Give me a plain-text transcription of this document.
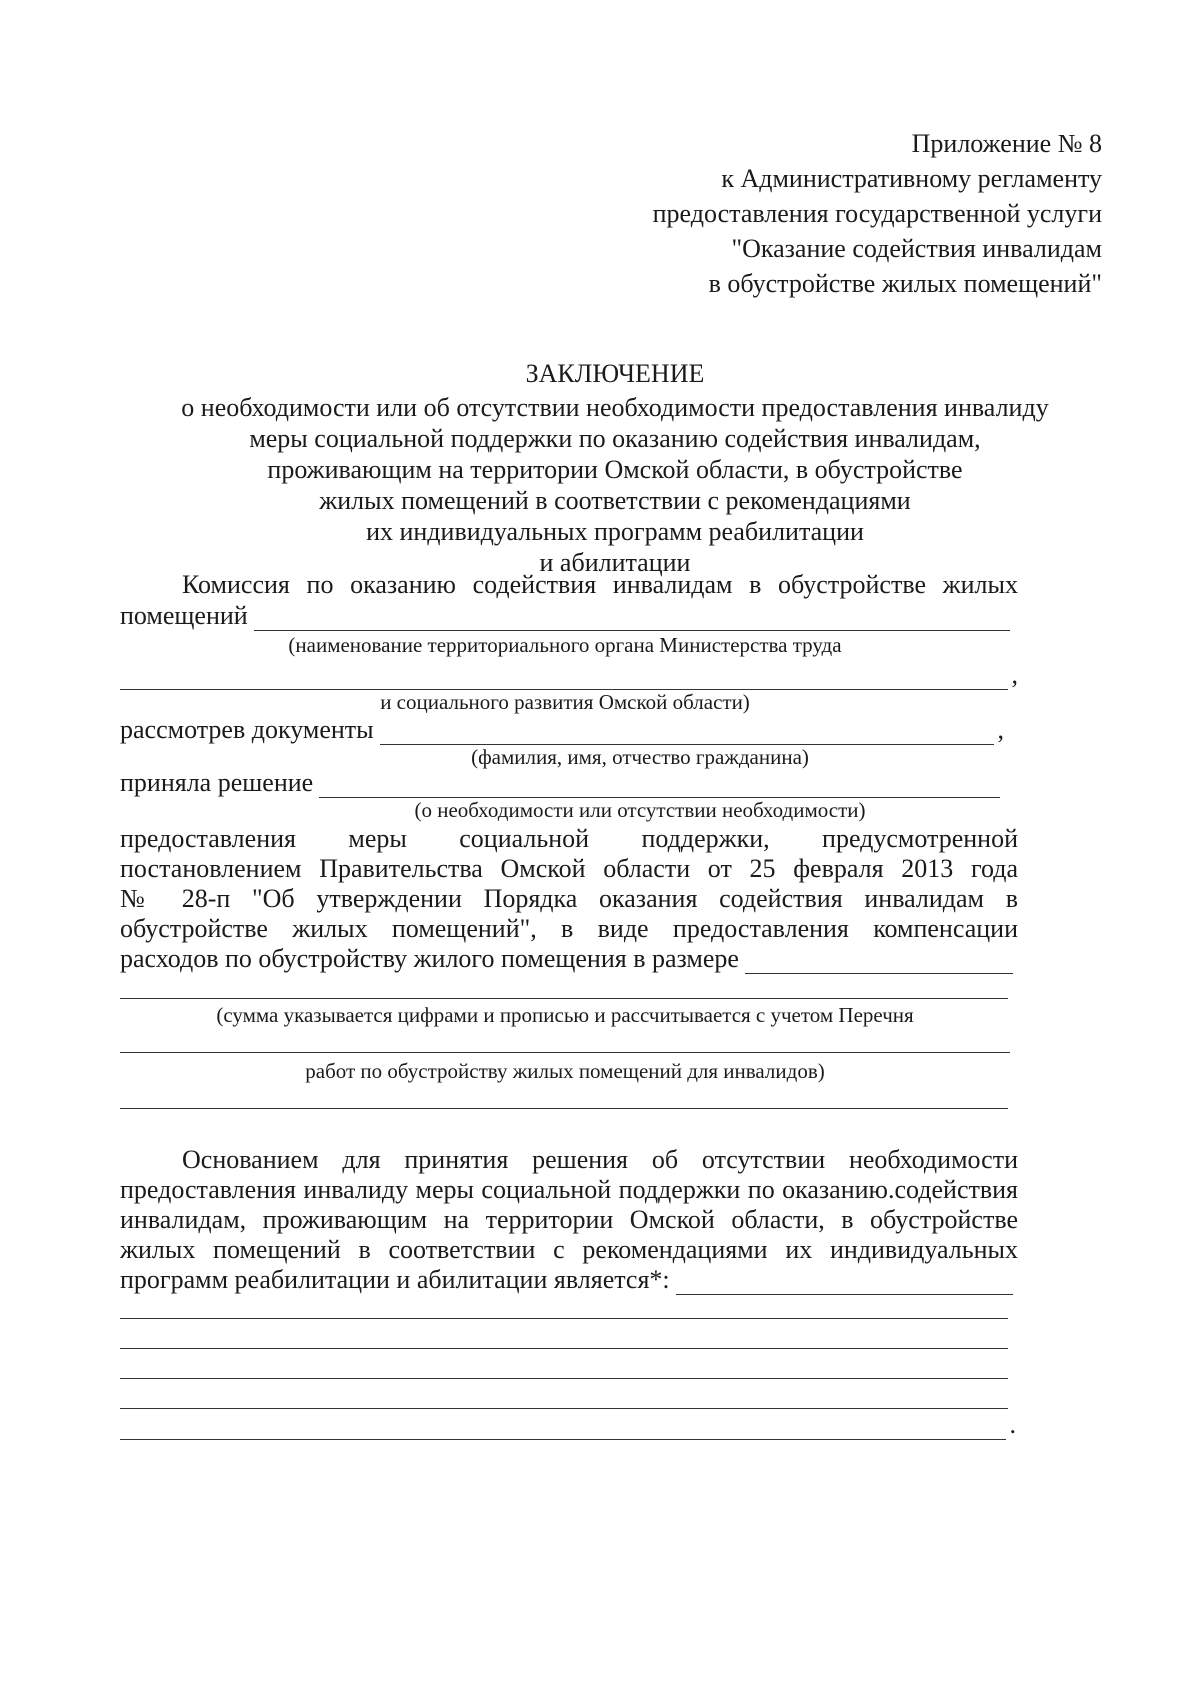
Приложение № 8
к Административному регламенту
предоставления государственной услуги
"Оказание содействия инвалидам
в обустройстве жилых помещений"
ЗАКЛЮЧЕНИЕ
о необходимости или об отсутствии необходимости предоставления инвалиду
меры социальной поддержки по оказанию содействия инвалидам,
проживающим на территории Омской области, в обустройстве
жилых помещений в соответствии с рекомендациями
их индивидуальных программ реабилитации
и абилитации
Комиссия по оказанию содействия инвалидам в обустройстве жилых
помещений
(наименование территориального органа Министерства труда
,
и социального развития Омской области)
рассмотрев документы	,
(фамилия, имя, отчество гражданина)
приняла решение
(о необходимости или отсутствии необходимости)
предоставления меры социальной поддержки, предусмотренной
постановлением Правительства Омской области от 25 февраля 2013 года
№ 28-п "Об утверждении Порядка оказания содействия инвалидам в
обустройстве жилых помещений", в виде предоставления компенсации
расходов по обустройству жилого помещения в размере
(сумма указывается цифрами и прописью и рассчитывается с учетом Перечня
работ по обустройству жилых помещений для инвалидов)
Основанием для принятия решения об отсутствии необходимости
предоставления инвалиду меры социальной поддержки по оказанию.содействия
инвалидам, проживающим на территории Омской области, в обустройстве
жилых помещений в соответствии с рекомендациями их индивидуальных
программ реабилитации и абилитации является*:
.
